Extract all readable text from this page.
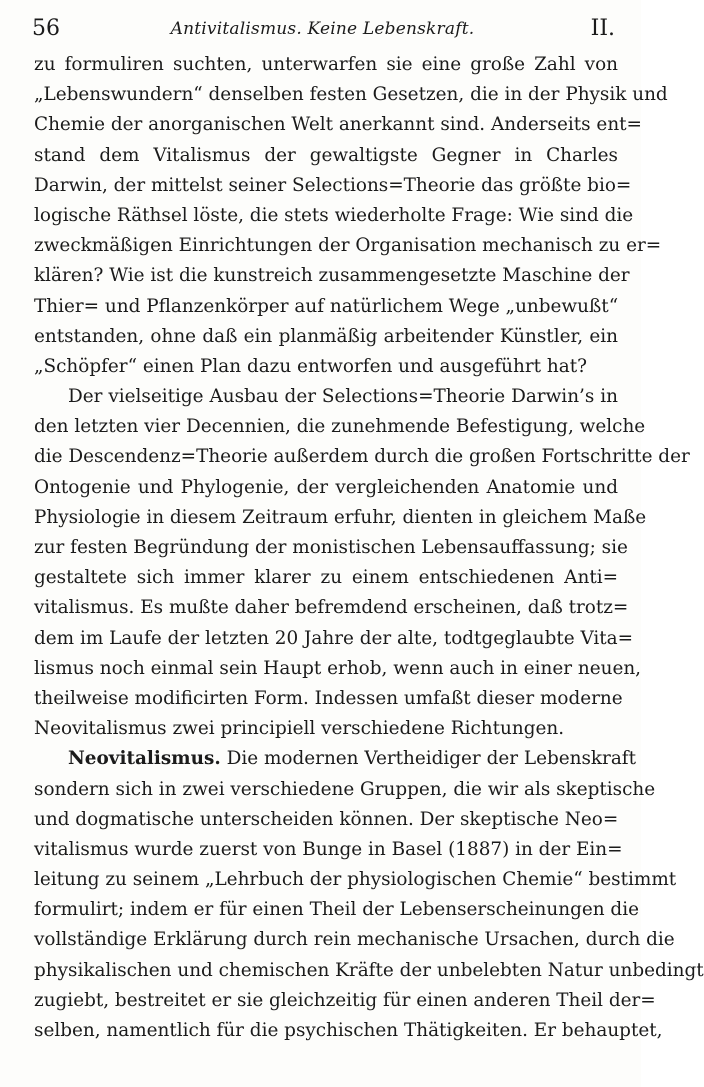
56	Antivitalismus. Keine Lebenskraft.	II.
zu formuliren suchten, unterwarfen sie eine große Zahl von
„Lebenswundern“ denselben festen Gesetzen, die in der Physik und
Chemie der anorganischen Welt anerkannt sind. Anderseits ent=
stand dem Vitalismus der gewaltigste Gegner in Charles
Darwin, der mittelst seiner Selections=Theorie das größte bio=
logische Räthsel löste, die stets wiederholte Frage: Wie sind die
zweckmäßigen Einrichtungen der Organisation mechanisch zu er=
klären? Wie ist die kunstreich zusammengesetzte Maschine der
Thier= und Pflanzenkörper auf natürlichem Wege „unbewußt“
entstanden, ohne daß ein planmäßig arbeitender Künstler, ein
„Schöpfer“ einen Plan dazu entworfen und ausgeführt hat?
Der vielseitige Ausbau der Selections=Theorie Darwin’s in
den letzten vier Decennien, die zunehmende Befestigung, welche
die Descendenz=Theorie außerdem durch die großen Fortschritte der
Ontogenie und Phylogenie, der vergleichenden Anatomie und
Physiologie in diesem Zeitraum erfuhr, dienten in gleichem Maße
zur festen Begründung der monistischen Lebensauffassung; sie
gestaltete sich immer klarer zu einem entschiedenen Anti=
vitalismus. Es mußte daher befremdend erscheinen, daß trotz=
dem im Laufe der letzten 20 Jahre der alte, todtgeglaubte Vita=
lismus noch einmal sein Haupt erhob, wenn auch in einer neuen,
theilweise modificirten Form. Indessen umfaßt dieser moderne
Neovitalismus zwei principiell verschiedene Richtungen.
Neovitalismus. Die modernen Vertheidiger der Lebenskraft
sondern sich in zwei verschiedene Gruppen, die wir als skeptische
und dogmatische unterscheiden können. Der skeptische Neo=
vitalismus wurde zuerst von Bunge in Basel (1887) in der Ein=
leitung zu seinem „Lehrbuch der physiologischen Chemie“ bestimmt
formulirt; indem er für einen Theil der Lebenserscheinungen die
vollständige Erklärung durch rein mechanische Ursachen, durch die
physikalischen und chemischen Kräfte der unbelebten Natur unbedingt
zugiebt, bestreitet er sie gleichzeitig für einen anderen Theil der=
selben, namentlich für die psychischen Thätigkeiten. Er behauptet,
